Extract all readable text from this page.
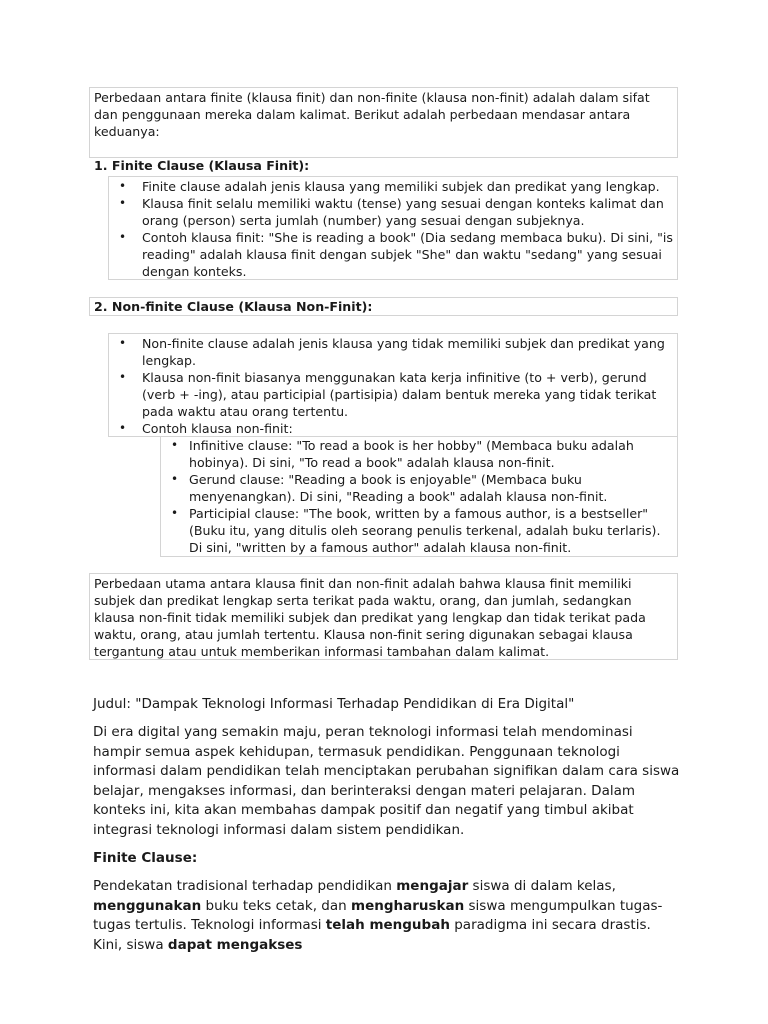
Perbedaan antara finite (klausa finit) dan non-finite (klausa non-finit) adalah dalam sifat dan penggunaan mereka dalam kalimat. Berikut adalah perbedaan mendasar antara keduanya:

1. Finite Clause (Klausa Finit):

• Finite clause adalah jenis klausa yang memiliki subjek dan predikat yang lengkap.
• Klausa finit selalu memiliki waktu (tense) yang sesuai dengan konteks kalimat dan orang (person) serta jumlah (number) yang sesuai dengan subjeknya.
• Contoh klausa finit: "She is reading a book" (Dia sedang membaca buku). Di sini, "is reading" adalah klausa finit dengan subjek "She" dan waktu "sedang" yang sesuai dengan konteks.

2. Non-finite Clause (Klausa Non-Finit):

• Non-finite clause adalah jenis klausa yang tidak memiliki subjek dan predikat yang lengkap.
• Klausa non-finit biasanya menggunakan kata kerja infinitive (to + verb), gerund (verb + -ing), atau participial (partisipia) dalam bentuk mereka yang tidak terikat pada waktu atau orang tertentu.
• Contoh klausa non-finit:
• Infinitive clause: "To read a book is her hobby" (Membaca buku adalah hobinya). Di sini, "To read a book" adalah klausa non-finit.
• Gerund clause: "Reading a book is enjoyable" (Membaca buku menyenangkan). Di sini, "Reading a book" adalah klausa non-finit.
• Participial clause: "The book, written by a famous author, is a bestseller" (Buku itu, yang ditulis oleh seorang penulis terkenal, adalah buku terlaris). Di sini, "written by a famous author" adalah klausa non-finit.

Perbedaan utama antara klausa finit dan non-finit adalah bahwa klausa finit memiliki subjek dan predikat lengkap serta terikat pada waktu, orang, dan jumlah, sedangkan klausa non-finit tidak memiliki subjek dan predikat yang lengkap dan tidak terikat pada waktu, orang, atau jumlah tertentu. Klausa non-finit sering digunakan sebagai klausa tergantung atau untuk memberikan informasi tambahan dalam kalimat.

Judul: "Dampak Teknologi Informasi Terhadap Pendidikan di Era Digital"

Di era digital yang semakin maju, peran teknologi informasi telah mendominasi hampir semua aspek kehidupan, termasuk pendidikan. Penggunaan teknologi informasi dalam pendidikan telah menciptakan perubahan signifikan dalam cara siswa belajar, mengakses informasi, dan berinteraksi dengan materi pelajaran. Dalam konteks ini, kita akan membahas dampak positif dan negatif yang timbul akibat integrasi teknologi informasi dalam sistem pendidikan.

Finite Clause:

Pendekatan tradisional terhadap pendidikan mengajar siswa di dalam kelas, menggunakan buku teks cetak, dan mengharuskan siswa mengumpulkan tugas-tugas tertulis. Teknologi informasi telah mengubah paradigma ini secara drastis. Kini, siswa dapat mengakses
